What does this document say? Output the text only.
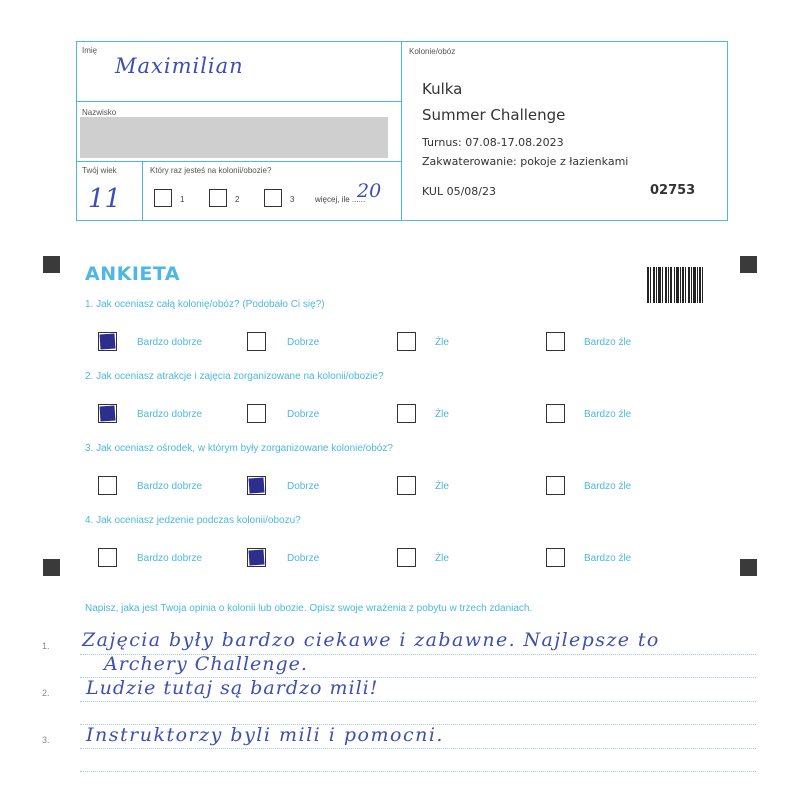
Imię
Maximilian
Nazwisko
Twój wiek
11
Który raz jesteś na kolonii/obozie?
1	2	3	więcej, ile ......
20
Kolonie/obóz
Kulka
Summer Challenge
Turnus: 07.08-17.08.2023
Zakwaterowanie: pokoje z łazienkami
KUL 05/08/23	02753
ANKIETA
1. Jak oceniasz całą kolonię/obóz? (Podobało Ci się?)
Bardzo dobrze	Dobrze	Źle	Bardzo źle
2. Jak oceniasz atrakcje i zajęcia zorganizowane na kolonii/obozie?
Bardzo dobrze	Dobrze	Źle	Bardzo źle
3. Jak oceniasz ośrodek, w którym były zorganizowane kolonie/obóz?
Bardzo dobrze	Dobrze	Źle	Bardzo źle
4. Jak oceniasz jedzenie podczas kolonii/obozu?
Bardzo dobrze	Dobrze	Źle	Bardzo źle
Napisz, jaka jest Twoja opinia o kolonii lub obozie. Opisz swoje wrażenia z pobytu w trzech zdaniach.
1.
2.
3.
Zajęcia były bardzo ciekawe i zabawne. Najlepsze to
Archery Challenge.
Ludzie tutaj są bardzo mili!
Instruktorzy byli mili i pomocni.
